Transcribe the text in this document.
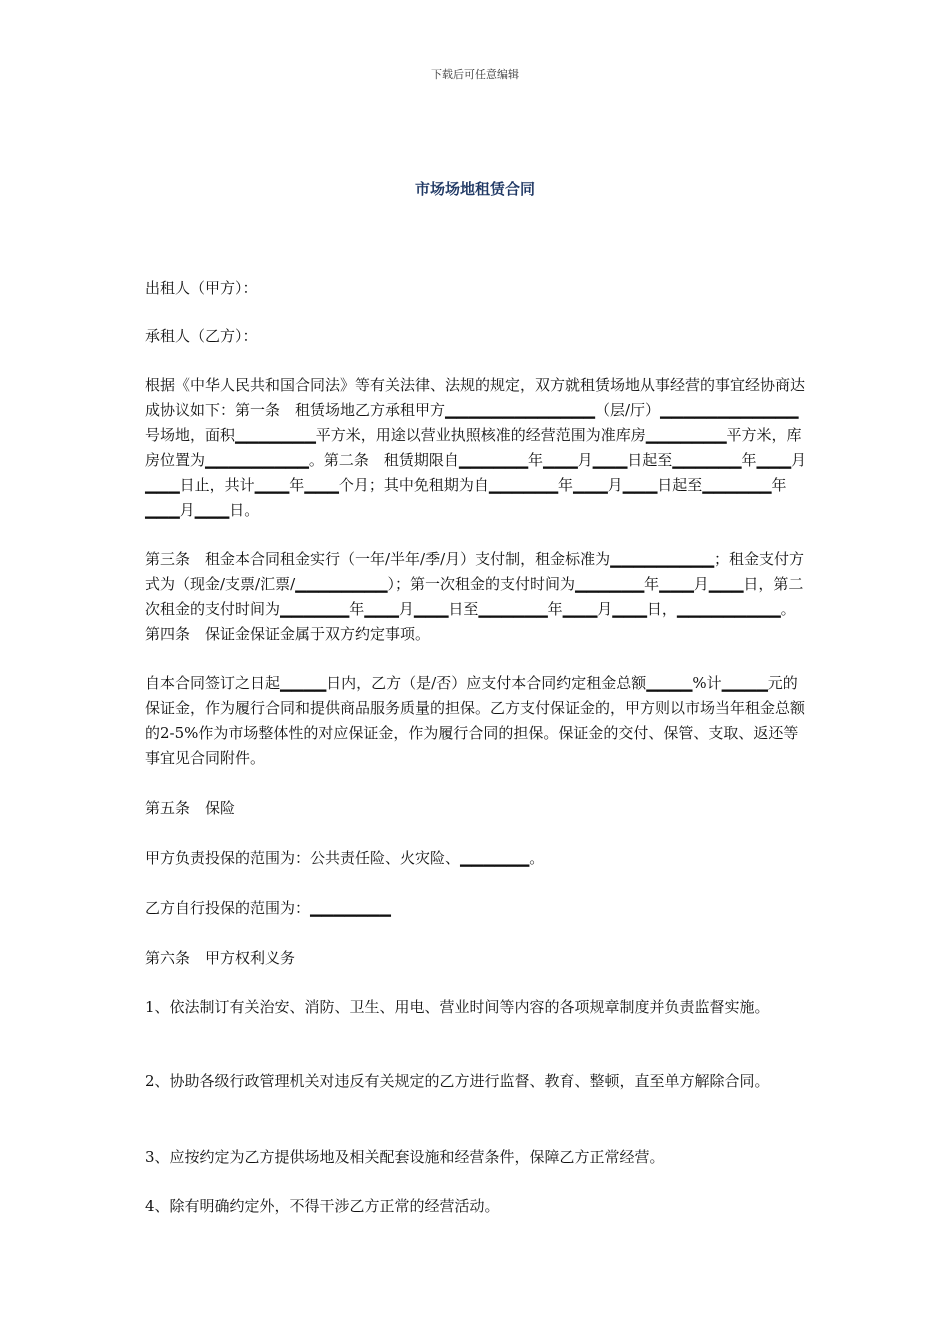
下载后可任意编辑
市场场地租赁合同

出租人（甲方）：

承租人（乙方）：

根据《中华人民共和国合同法》等有关法律、法规的规定，双方就租赁场地从事经营的事宜经协商达成协议如下：第一条　租赁场地乙方承租甲方▁▁▁▁▁▁▁▁▁▁▁▁▁（层/厅）▁▁▁▁▁▁▁▁▁▁▁▁号场地，面积▁▁▁▁▁▁▁平方米，用途以营业执照核准的经营范围为准库房▁▁▁▁▁▁▁平方米，库房位置为▁▁▁▁▁▁▁▁▁。第二条　租赁期限自▁▁▁▁▁▁年▁▁▁月▁▁▁日起至▁▁▁▁▁▁年▁▁▁月▁▁▁日止，共计▁▁▁年▁▁▁个月；其中免租期为自▁▁▁▁▁▁年▁▁▁月▁▁▁日起至▁▁▁▁▁▁年▁▁▁月▁▁▁日。

第三条　租金本合同租金实行（一年/半年/季/月）支付制，租金标准为▁▁▁▁▁▁▁▁▁；租金支付方式为（现金/支票/汇票/▁▁▁▁▁▁▁▁）；第一次租金的支付时间为▁▁▁▁▁▁年▁▁▁月▁▁▁日，第二次租金的支付时间为▁▁▁▁▁▁年▁▁▁月▁▁▁日至▁▁▁▁▁▁年▁▁▁月▁▁▁日，▁▁▁▁▁▁▁▁▁。第四条　保证金保证金属于双方约定事项。

自本合同签订之日起▁▁▁▁日内，乙方（是/否）应支付本合同约定租金总额▁▁▁▁%计▁▁▁▁元的保证金，作为履行合同和提供商品服务质量的担保。乙方支付保证金的，甲方则以市场当年租金总额的2-5%作为市场整体性的对应保证金，作为履行合同的担保。保证金的交付、保管、支取、返还等事宜见合同附件。

第五条　保险

甲方负责投保的范围为：公共责任险、火灾险、▁▁▁▁▁▁。

乙方自行投保的范围为：▁▁▁▁▁▁▁

第六条　甲方权利义务

1、依法制订有关治安、消防、卫生、用电、营业时间等内容的各项规章制度并负责监督实施。

2、协助各级行政管理机关对违反有关规定的乙方进行监督、教育、整顿，直至单方解除合同。

3、应按约定为乙方提供场地及相关配套设施和经营条件，保障乙方正常经营。

4、除有明确约定外，不得干涉乙方正常的经营活动。
